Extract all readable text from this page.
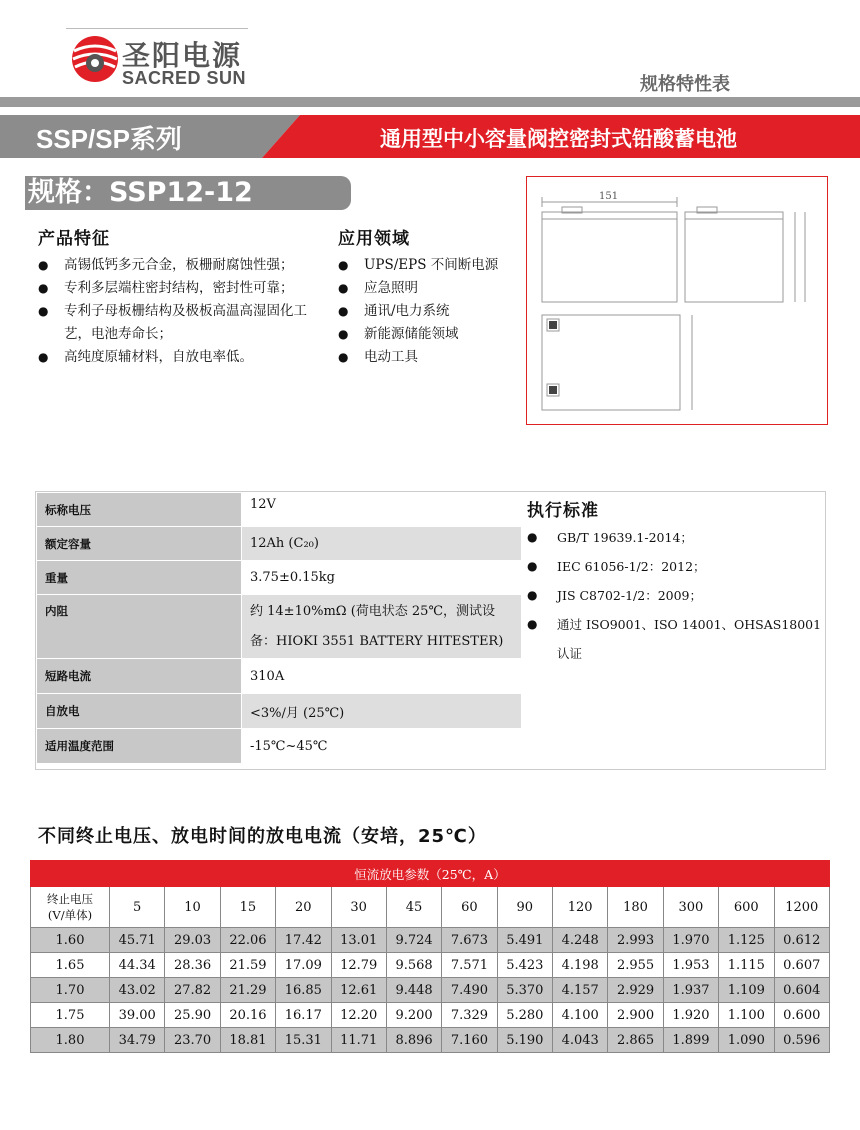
圣阳电源
SACRED SUN	规格特性表
SSP/SP系列	通用型中小容量阀控密封式铅酸蓄电池
规格：SSP12-12
产品特征
● 高锡低钙多元合金，板栅耐腐蚀性强；
● 专利多层端柱密封结构，密封性可靠；
● 专利子母板栅结构及极板高温高湿固化工艺，电池寿命长；
● 高纯度原辅材料，自放电率低。
应用领域
● UPS/EPS 不间断电源
● 应急照明
● 通讯/电力系统
● 新能源储能领域
● 电动工具
151
标称电压	12V
额定容量	12Ah (C₂₀)
重量	3.75±0.15kg
内阻	约 14±10%mΩ (荷电状态 25℃，测试设备：HIOKI 3551 BATTERY HITESTER)
短路电流	310A
自放电	<3%/月 (25℃)
适用温度范围	-15℃~45℃
执行标准
● GB/T 19639.1-2014；
● IEC 61056-1/2：2012；
● JIS C8702-1/2：2009；
● 通过 ISO9001、ISO 14001、OHSAS18001 认证
不同终止电压、放电时间的放电电流（安培，25℃）
恒流放电参数（25℃，A）													
终止电压
(V/单体)	5	10	15	20	30	45	60	90	120	180	300	600	1200
1.60	45.71	29.03	22.06	17.42	13.01	9.724	7.673	5.491	4.248	2.993	1.970	1.125	0.612
1.65	44.34	28.36	21.59	17.09	12.79	9.568	7.571	5.423	4.198	2.955	1.953	1.115	0.607
1.70	43.02	27.82	21.29	16.85	12.61	9.448	7.490	5.370	4.157	2.929	1.937	1.109	0.604
1.75	39.00	25.90	20.16	16.17	12.20	9.200	7.329	5.280	4.100	2.900	1.920	1.100	0.600
1.80	34.79	23.70	18.81	15.31	11.71	8.896	7.160	5.190	4.043	2.865	1.899	1.090	0.596
